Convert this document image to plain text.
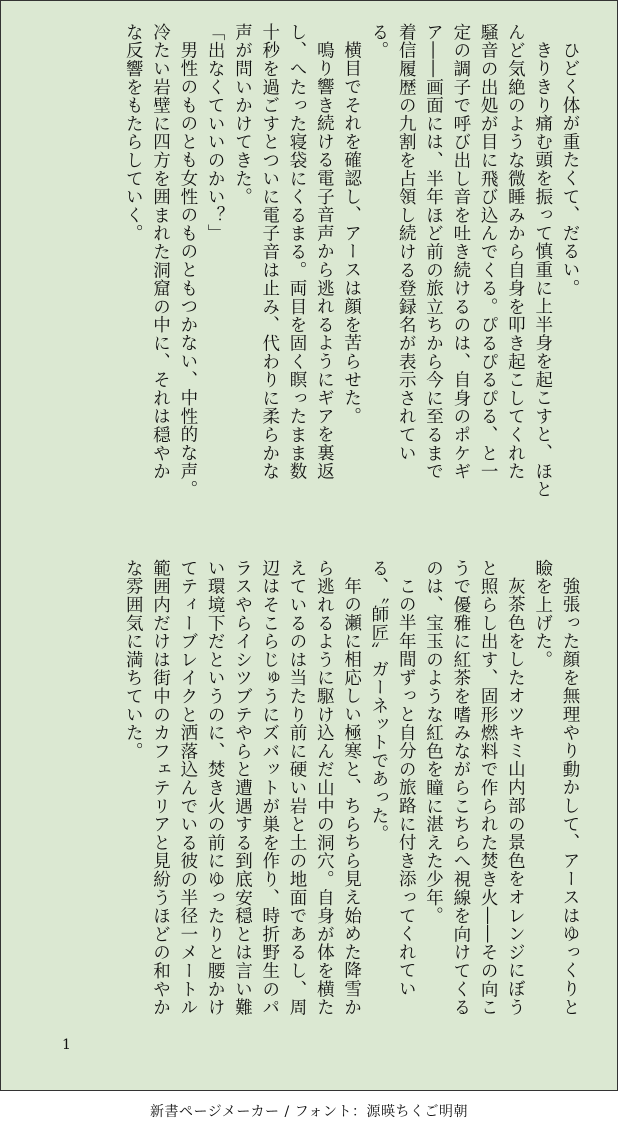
ひどく体が重たくて、だるい。

きりきり痛む頭を振って慎重に上半身を起こすと、ほとんど気絶のような微睡みから自身を叩き起こしてくれた騒音の出処が目に飛び込んでくる。ぴるぴるぴる、と一定の調子で呼び出し音を吐き続けるのは、自身のポケギア――画面には、半年ほど前の旅立ちから今に至るまで着信履歴の九割を占領し続ける登録名が表示されている。

横目でそれを確認し、アースは顔を苦らせた。

鳴り響き続ける電子音声から逃れるようにギアを裏返し、へたった寝袋にくるまる。両目を固く瞑ったまま数十秒を過ごすとついに電子音は止み、代わりに柔らかな声が問いかけてきた。

「出なくていいのかい？」

男性のものとも女性のものともつかない、中性的な声。冷たい岩壁に四方を囲まれた洞窟の中に、それは穏やかな反響をもたらしていく。

強張った顔を無理やり動かして、アースはゆっくりと瞼を上げた。

灰茶色をしたオツキミ山内部の景色をオレンジにぼうと照らし出す、固形燃料で作られた焚き火――その向こうで優雅に紅茶を嗜みながらこちらへ視線を向けてくるのは、宝玉のような紅色を瞳に湛えた少年。

この半年間ずっと自分の旅路に付き添ってくれている、〝師匠〟ガーネットであった。

年の瀬に相応しい極寒と、ちらちら見え始めた降雪から逃れるように駆け込んだ山中の洞穴。自身が体を横たえているのは当たり前に硬い岩と土の地面であるし、周辺はそこらじゅうにズバットが巣を作り、時折野生のパラスやらイシツブテやらと遭遇する到底安穏とは言い難い環境下だというのに、焚き火の前にゆったりと腰かけてティーブレイクと洒落込んでいる彼の半径一メートル範囲内だけは街中のカフェテリアと見紛うほどの和やかな雰囲気に満ちていた。

1
新書ページメーカー / フォント：源暎ちくご明朝
